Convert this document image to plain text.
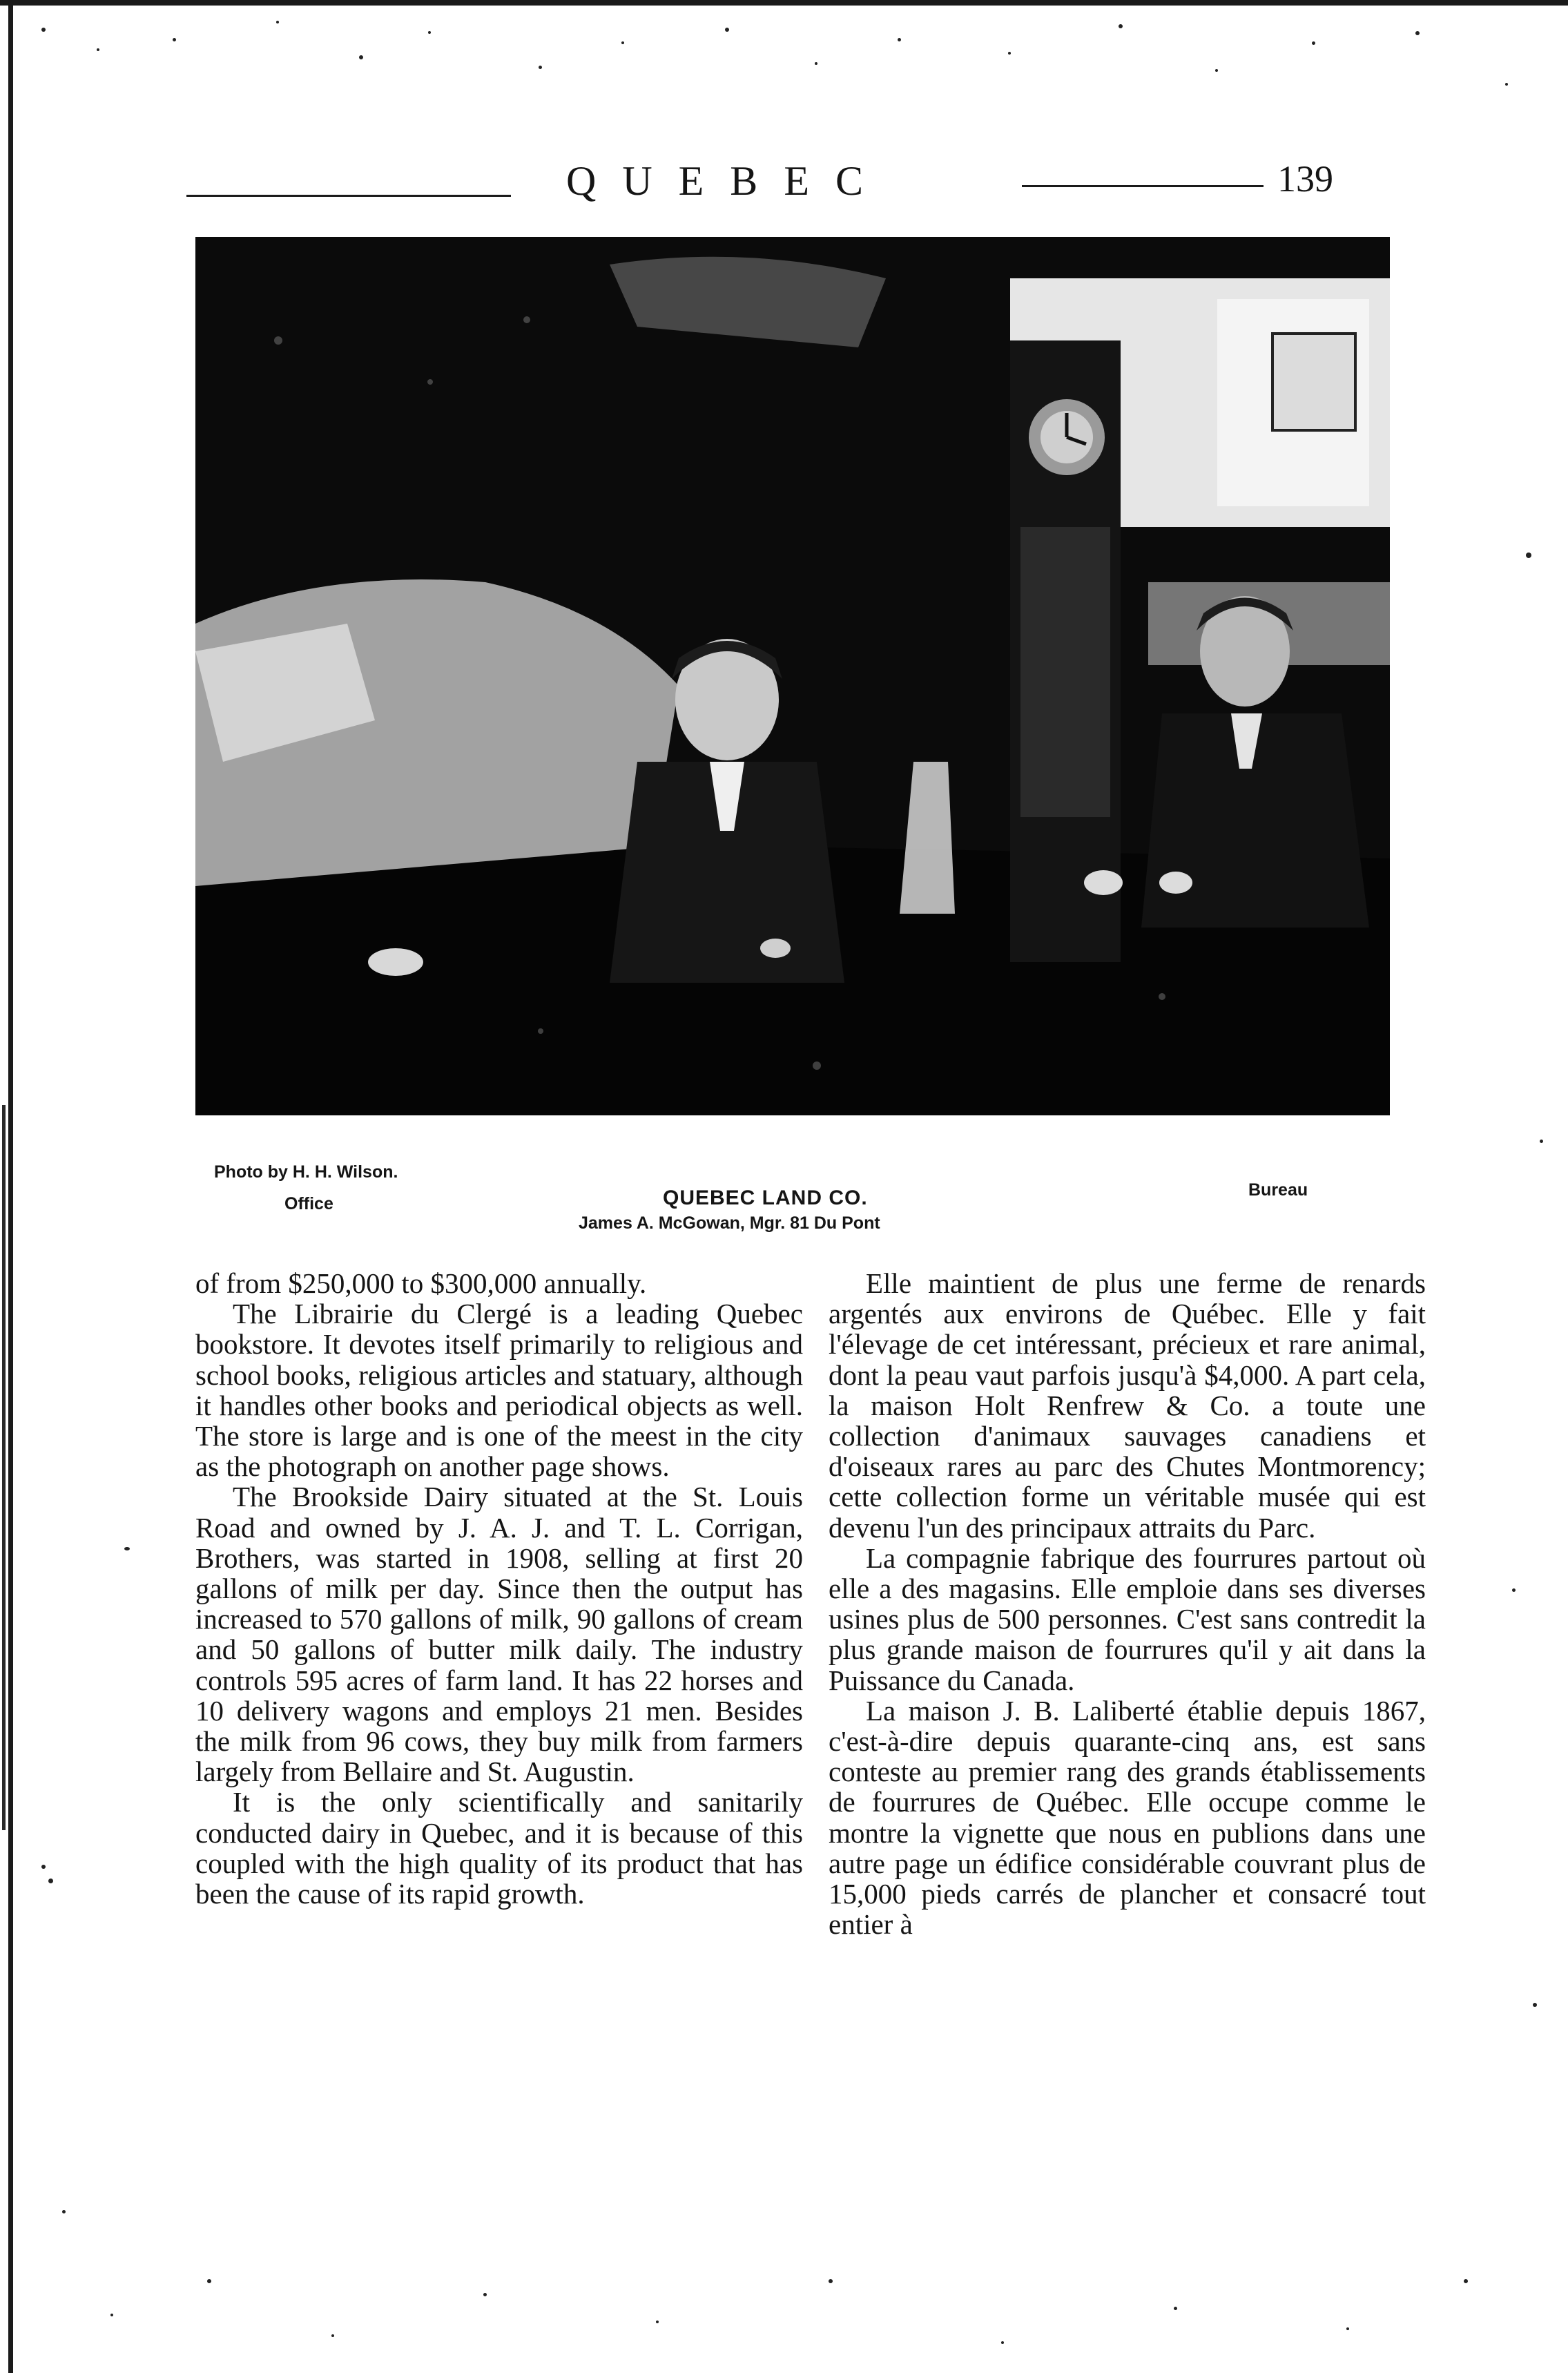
QUEBEC	139
Photo by H. H. Wilson.
Office	QUEBEC LAND CO.
James A. McGowan, Mgr. 81 Du Pont
Bureau

of from $250,000 to $300,000 annually.

The Librairie du Clergé is a leading Quebec bookstore. It devotes itself primarily to religious and school books, religious articles and statuary, although it handles other books and periodical objects as well. The store is large and is one of the meest in the city as the photograph on another page shows.

The Brookside Dairy situated at the St. Louis Road and owned by J. A. J. and T. L. Corrigan, Brothers, was started in 1908, selling at first 20 gallons of milk per day. Since then the output has increased to 570 gallons of milk, 90 gallons of cream and 50 gallons of butter milk daily. The industry controls 595 acres of farm land. It has 22 horses and 10 delivery wagons and employs 21 men. Besides the milk from 96 cows, they buy milk from farmers largely from Bellaire and St. Augustin.

It is the only scientifically and sanitarily conducted dairy in Quebec, and it is because of this coupled with the high quality of its product that has been the cause of its rapid growth.

Elle maintient de plus une ferme de renards argentés aux environs de Québec. Elle y fait l'élevage de cet intéressant, précieux et rare animal, dont la peau vaut parfois jusqu'à $4,000. A part cela, la maison Holt Renfrew & Co. a toute une collection d'animaux sauvages canadiens et d'oiseaux rares au parc des Chutes Montmorency; cette collection forme un véritable musée qui est devenu l'un des principaux attraits du Parc.

La compagnie fabrique des fourrures partout où elle a des magasins. Elle emploie dans ses diverses usines plus de 500 personnes. C'est sans contredit la plus grande maison de fourrures qu'il y ait dans la Puissance du Canada.

La maison J. B. Laliberté établie depuis 1867, c'est-à-dire depuis quarante-cinq ans, est sans conteste au premier rang des grands établissements de fourrures de Québec. Elle occupe comme le montre la vignette que nous en publions dans une autre page un édifice considérable couvrant plus de 15,000 pieds carrés de plancher et consacré tout entier à
